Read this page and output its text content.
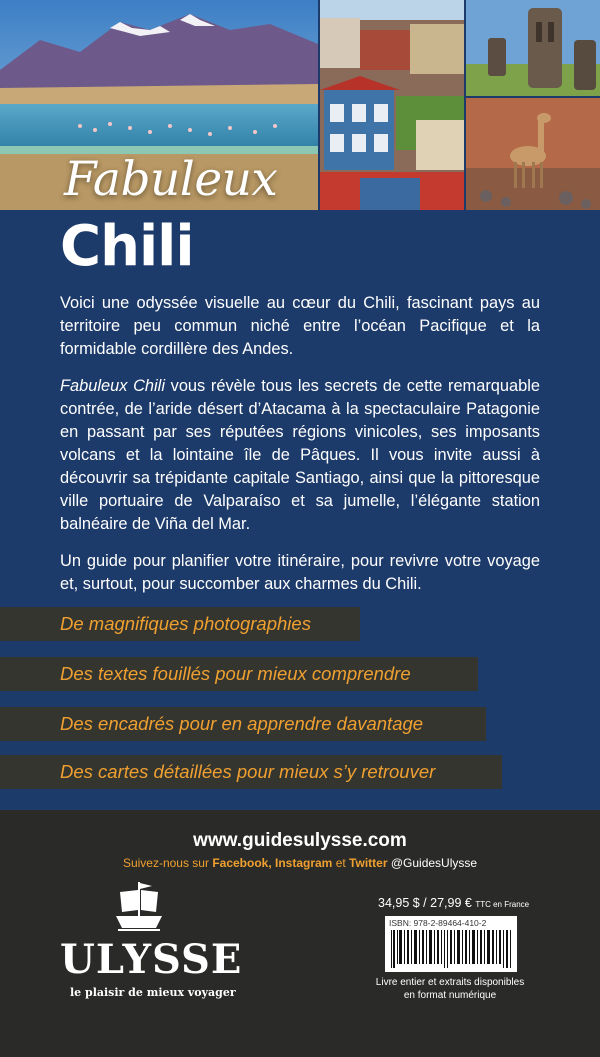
Fabuleux
Chili

Voici une odyssée visuelle au cœur du Chili, fascinant pays au territoire peu commun niché entre l’océan Pacifique et la formidable cordillère des Andes.

Fabuleux Chili vous révèle tous les secrets de cette remarquable contrée, de l’aride désert d’Atacama à la spectaculaire Patagonie en passant par ses réputées régions vinicoles, ses imposants volcans et la lointaine île de Pâques. Il vous invite aussi à découvrir sa trépidante capitale Santiago, ainsi que la pittoresque ville portuaire de Valparaíso et sa jumelle, l’élégante station balnéaire de Viña del Mar.

Un guide pour planifier votre itinéraire, pour revivre votre voyage et, surtout, pour succomber aux charmes du Chili.

De magnifiques photographies
Des textes fouillés pour mieux comprendre
Des encadrés pour en apprendre davantage
Des cartes détaillées pour mieux s’y retrouver
www.guidesulysse.com
Suivez-nous sur Facebook, Instagram et Twitter @GuidesUlysse
ULYSSE
le plaisir de mieux voyager
34,95 $ / 27,99 € TTC en France
ISBN: 978-2-89464-410-2
Livre entier et extraits disponibles en format numérique
